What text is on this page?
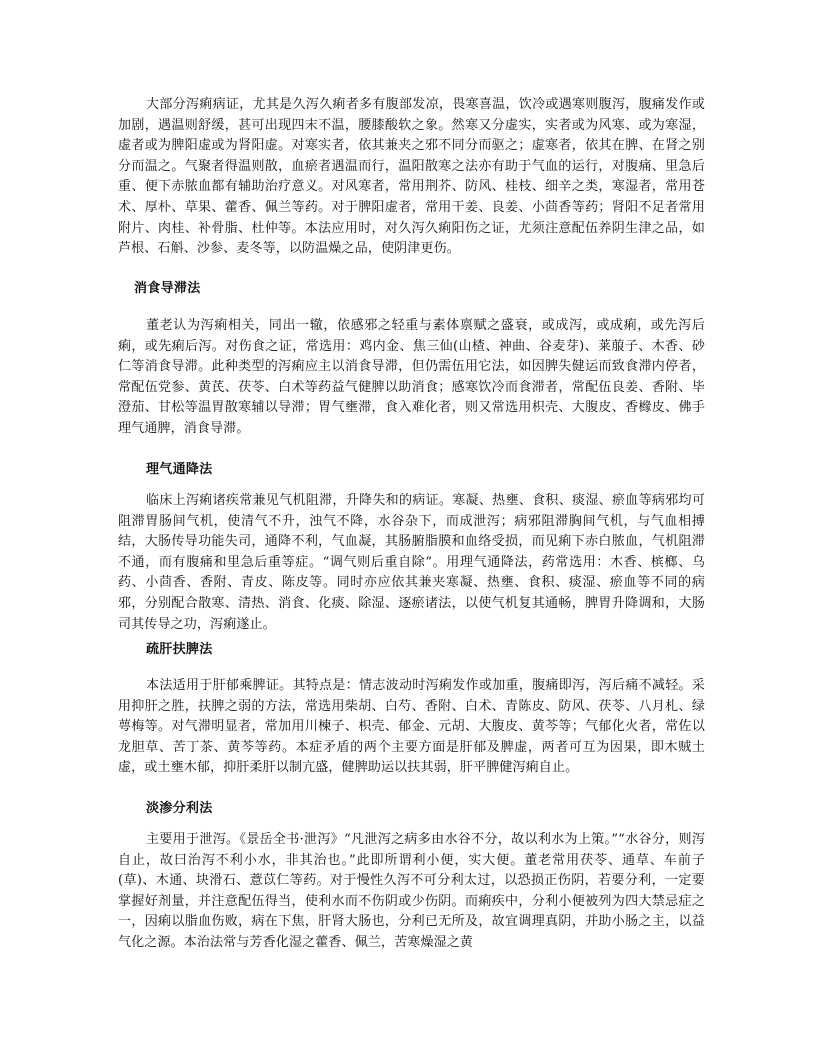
大部分泻痢病证，尤其是久泻久痢者多有腹部发凉，畏寒喜温，饮冷或遇寒则腹泻，腹痛发作或加剧，遇温则舒缓，甚可出现四末不温，腰膝酸软之象。然寒又分虚实，实者或为风寒、或为寒湿，虚者或为脾阳虚或为肾阳虚。对寒实者，依其兼夹之邪不同分而驱之；虚寒者，依其在脾、在肾之别分而温之。气聚者得温则散，血瘀者遇温而行，温阳散寒之法亦有助于气血的运行，对腹痛、里急后重、便下赤脓血都有辅助治疗意义。对风寒者，常用荆芥、防风、桂枝、细辛之类，寒湿者，常用苍术、厚朴、草果、藿香、佩兰等药。对于脾阳虚者，常用干姜、良姜、小茴香等药；肾阳不足者常用附片、肉桂、补骨脂、杜仲等。本法应用时，对久泻久痢阳伤之证，尤须注意配伍养阴生津之品，如芦根、石斛、沙参、麦冬等，以防温燥之品，使阴津更伤。

消食导滞法

董老认为泻痢相关，同出一辙，依感邪之轻重与素体禀赋之盛衰，或成泻，或成痢，或先泻后痢，或先痢后泻。对伤食之证，常选用：鸡内金、焦三仙(山楂、神曲、谷麦芽)、莱菔子、木香、砂仁等消食导滞。此种类型的泻痢应主以消食导滞，但仍需伍用它法，如因脾失健运而致食滞内停者，常配伍党参、黄芪、茯苓、白术等药益气健脾以助消食；感寒饮冷而食滞者，常配伍良姜、香附、毕澄茄、甘松等温胃散寒辅以导滞；胃气壅滞，食入难化者，则又常选用枳壳、大腹皮、香橼皮、佛手理气通脾，消食导滞。

理气通降法

临床上泻痢诸疾常兼见气机阻滞，升降失和的病证。寒凝、热壅、食积、痰湿、瘀血等病邪均可阻滞胃肠间气机，使清气不升，浊气不降，水谷杂下，而成泄泻；病邪阻滞胸间气机，与气血相搏结，大肠传导功能失司，通降不利，气血凝，其肠腑脂膜和血络受损，而见痢下赤白脓血，气机阻滞不通，而有腹痛和里急后重等症。“调气则后重自除”。用理气通降法，药常选用：木香、槟榔、乌药、小茴香、香附、青皮、陈皮等。同时亦应依其兼夹寒凝、热壅、食积、痰湿、瘀血等不同的病邪，分别配合散寒、清热、消食、化痰、除湿、逐瘀诸法，以使气机复其通畅，脾胃升降调和，大肠司其传导之功，泻痢遂止。

疏肝扶脾法

本法适用于肝郁乘脾证。其特点是：情志波动时泻痢发作或加重，腹痛即泻，泻后痛不减轻。采用抑肝之胜，扶脾之弱的方法，常选用柴胡、白芍、香附、白术、青陈皮、防风、茯苓、八月札、绿萼梅等。对气滞明显者，常加用川楝子、枳壳、郁金、元胡、大腹皮、黄芩等；气郁化火者，常佐以龙胆草、苦丁茶、黄芩等药。本症矛盾的两个主要方面是肝郁及脾虚，两者可互为因果，即木贼土虚，或土壅木郁，抑肝柔肝以制亢盛，健脾助运以扶其弱，肝平脾健泻痢自止。

淡渗分利法

主要用于泄泻。《景岳全书·泄泻》“凡泄泻之病多由水谷不分，故以利水为上策。”“水谷分，则泻自止，故曰治泻不利小水，非其治也。”此即所谓利小便，实大便。董老常用茯苓、通草、车前子(草)、木通、块滑石、薏苡仁等药。对于慢性久泻不可分利太过，以恐损正伤阴，若要分利，一定要掌握好剂量，并注意配伍得当，使利水而不伤阴或少伤阴。而痢疾中，分利小便被列为四大禁忌症之一，因痢以脂血伤败，病在下焦，肝肾大肠也，分利已无所及，故宜调理真阴，并助小肠之主，以益气化之源。本治法常与芳香化湿之藿香、佩兰，苦寒燥湿之黄
